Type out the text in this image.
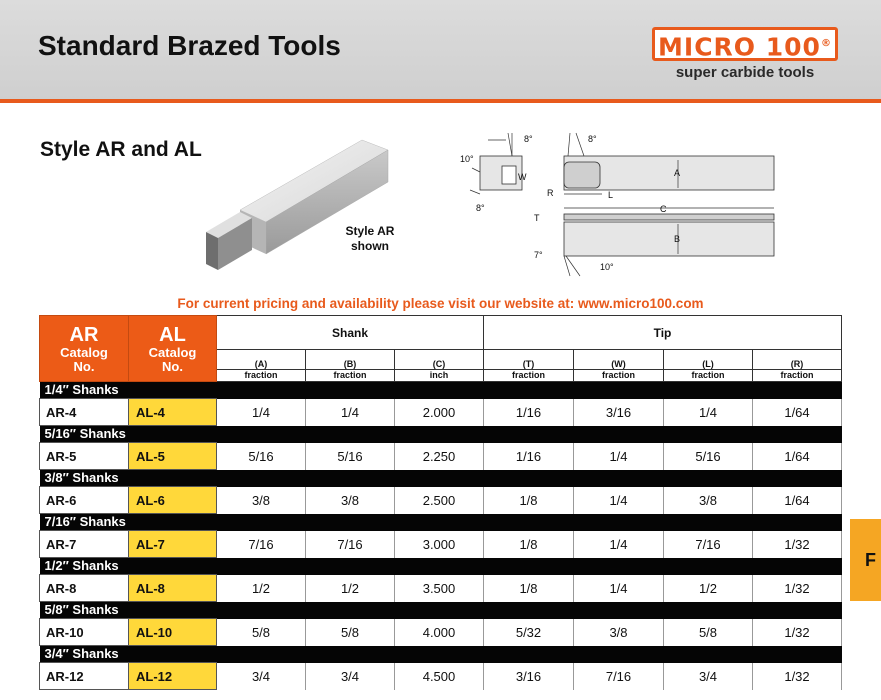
Standard Brazed Tools	MICRO 100®
super carbide tools
Style AR and AL
Style AR
shown
8°
10°
W
8°
8°
A
R	L
C
T
B
7°
10°
For current pricing and availability please visit our website at: www.micro100.com
AR
Catalog
No.	AL
Catalog
No.	Shank			Tip			
		(A)	(B)	(C)	(T)	(W)	(L)	(R)
		fraction	fraction	inch	fraction	fraction	fraction	fraction
1/4″ Shanks								
AR-4	AL-4	1/4	1/4	2.000	1/16	3/16	1/4	1/64
5/16″ Shanks								
AR-5	AL-5	5/16	5/16	2.250	1/16	1/4	5/16	1/64
3/8″ Shanks								
AR-6	AL-6	3/8	3/8	2.500	1/8	1/4	3/8	1/64
7/16″ Shanks								
AR-7	AL-7	7/16	7/16	3.000	1/8	1/4	7/16	1/32
1/2″ Shanks								
AR-8	AL-8	1/2	1/2	3.500	1/8	1/4	1/2	1/32
5/8″ Shanks								
AR-10	AL-10	5/8	5/8	4.000	5/32	3/8	5/8	1/32
3/4″ Shanks								
AR-12	AL-12	3/4	3/4	4.500	3/16	7/16	3/4	1/32
F
